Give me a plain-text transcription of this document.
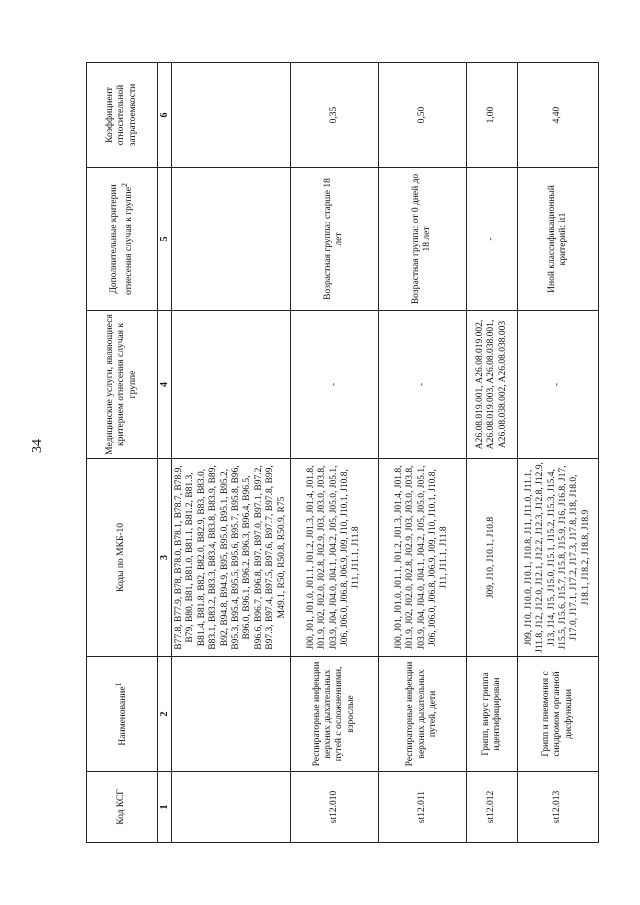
34
Код КСГ	Наименование$^1$	Коды по МКБ-10	Медицинские услуги, являющиеся критерием отнесения случая к группе	Дополнительные критерии отнесения случая к группе$^2$	Коэффициент относительной затратоемкости
1	2	3	4	5	6
		B77.8, B77.9, B78, B78.0, B78.1, B78.7, B78.9, B79, B80, B81, B81.0, B81.1, B81.2, B81.3, B81.4, B81.8, B82, B82.0, B82.9, B83, B83.0, B83.1, B83.2, B83.3, B83.4, B83.8, B83.9, B89, B92, B94.8, B94.9, B95, B95.0, B95.1, B95.2, B95.3, B95.4, B95.5, B95.6, B95.7, B95.8, B96, B96.0, B96.1, B96.2, B96.3, B96.4, B96.5, B96.6, B96.7, B96.8, B97, B97.0, B97.1, B97.2, B97.3, B97.4, B97.5, B97.6, B97.7, B97.8, B99, M49.1, R50, R50.8, R50.9, R75			
st12.010	Респираторные инфекции верхних дыхательных путей с осложнениями, взрослые	J00, J01, J01.0, J01.1, J01.2, J01.3, J01.4, J01.8, J01.9, J02, J02.0, J02.8, J02.9, J03, J03.0, J03.8, J03.9, J04, J04.0, J04.1, J04.2, J05, J05.0, J05.1, J06, J06.0, J06.8, J06.9, J09, J10, J10.1, J10.8, J11, J11.1, J11.8	-	Возрастная группа: старше 18 лет	0,35
st12.011	Респираторные инфекции верхних дыхательных путей, дети	J00, J01, J01.0, J01.1, J01.2, J01.3, J01.4, J01.8, J01.9, J02, J02.0, J02.8, J02.9, J03, J03.0, J03.8, J03.9, J04, J04.0, J04.1, J04.2, J05, J05.0, J05.1, J06, J06.0, J06.8, J06.9, J09, J10, J10.1, J10.8, J11, J11.1, J11.8	-	Возрастная группа: от 0 дней до 18 лет	0,50
st12.012	Грипп, вирус гриппа идентифицирован	J09, J10, J10.1, J10.8	A26.08.019.001, A26.08.019.002, A26.08.019.003, A26.08.038.001, A26.08.038.002, A26.08.038.003	-	1,00
st12.013	Грипп и пневмония с синдромом органной дисфункции	J09, J10, J10.0, J10.1, J10.8, J11, J11.0, J11.1, J11.8, J12, J12.0, J12.1, J12.2, J12.3, J12.8, J12.9, J13, J14, J15, J15.0, J15.1, J15.2, J15.3, J15.4, J15.5, J15.6, J15.7, J15.8, J15.9, J16, J16.8, J17, J17.0, J17.1, J17.2, J17.3, J17.8, J18, J18.0, J18.1, J18.2, J18.8, J18.9	-	Иной классификационный критерий: it1	4,40
